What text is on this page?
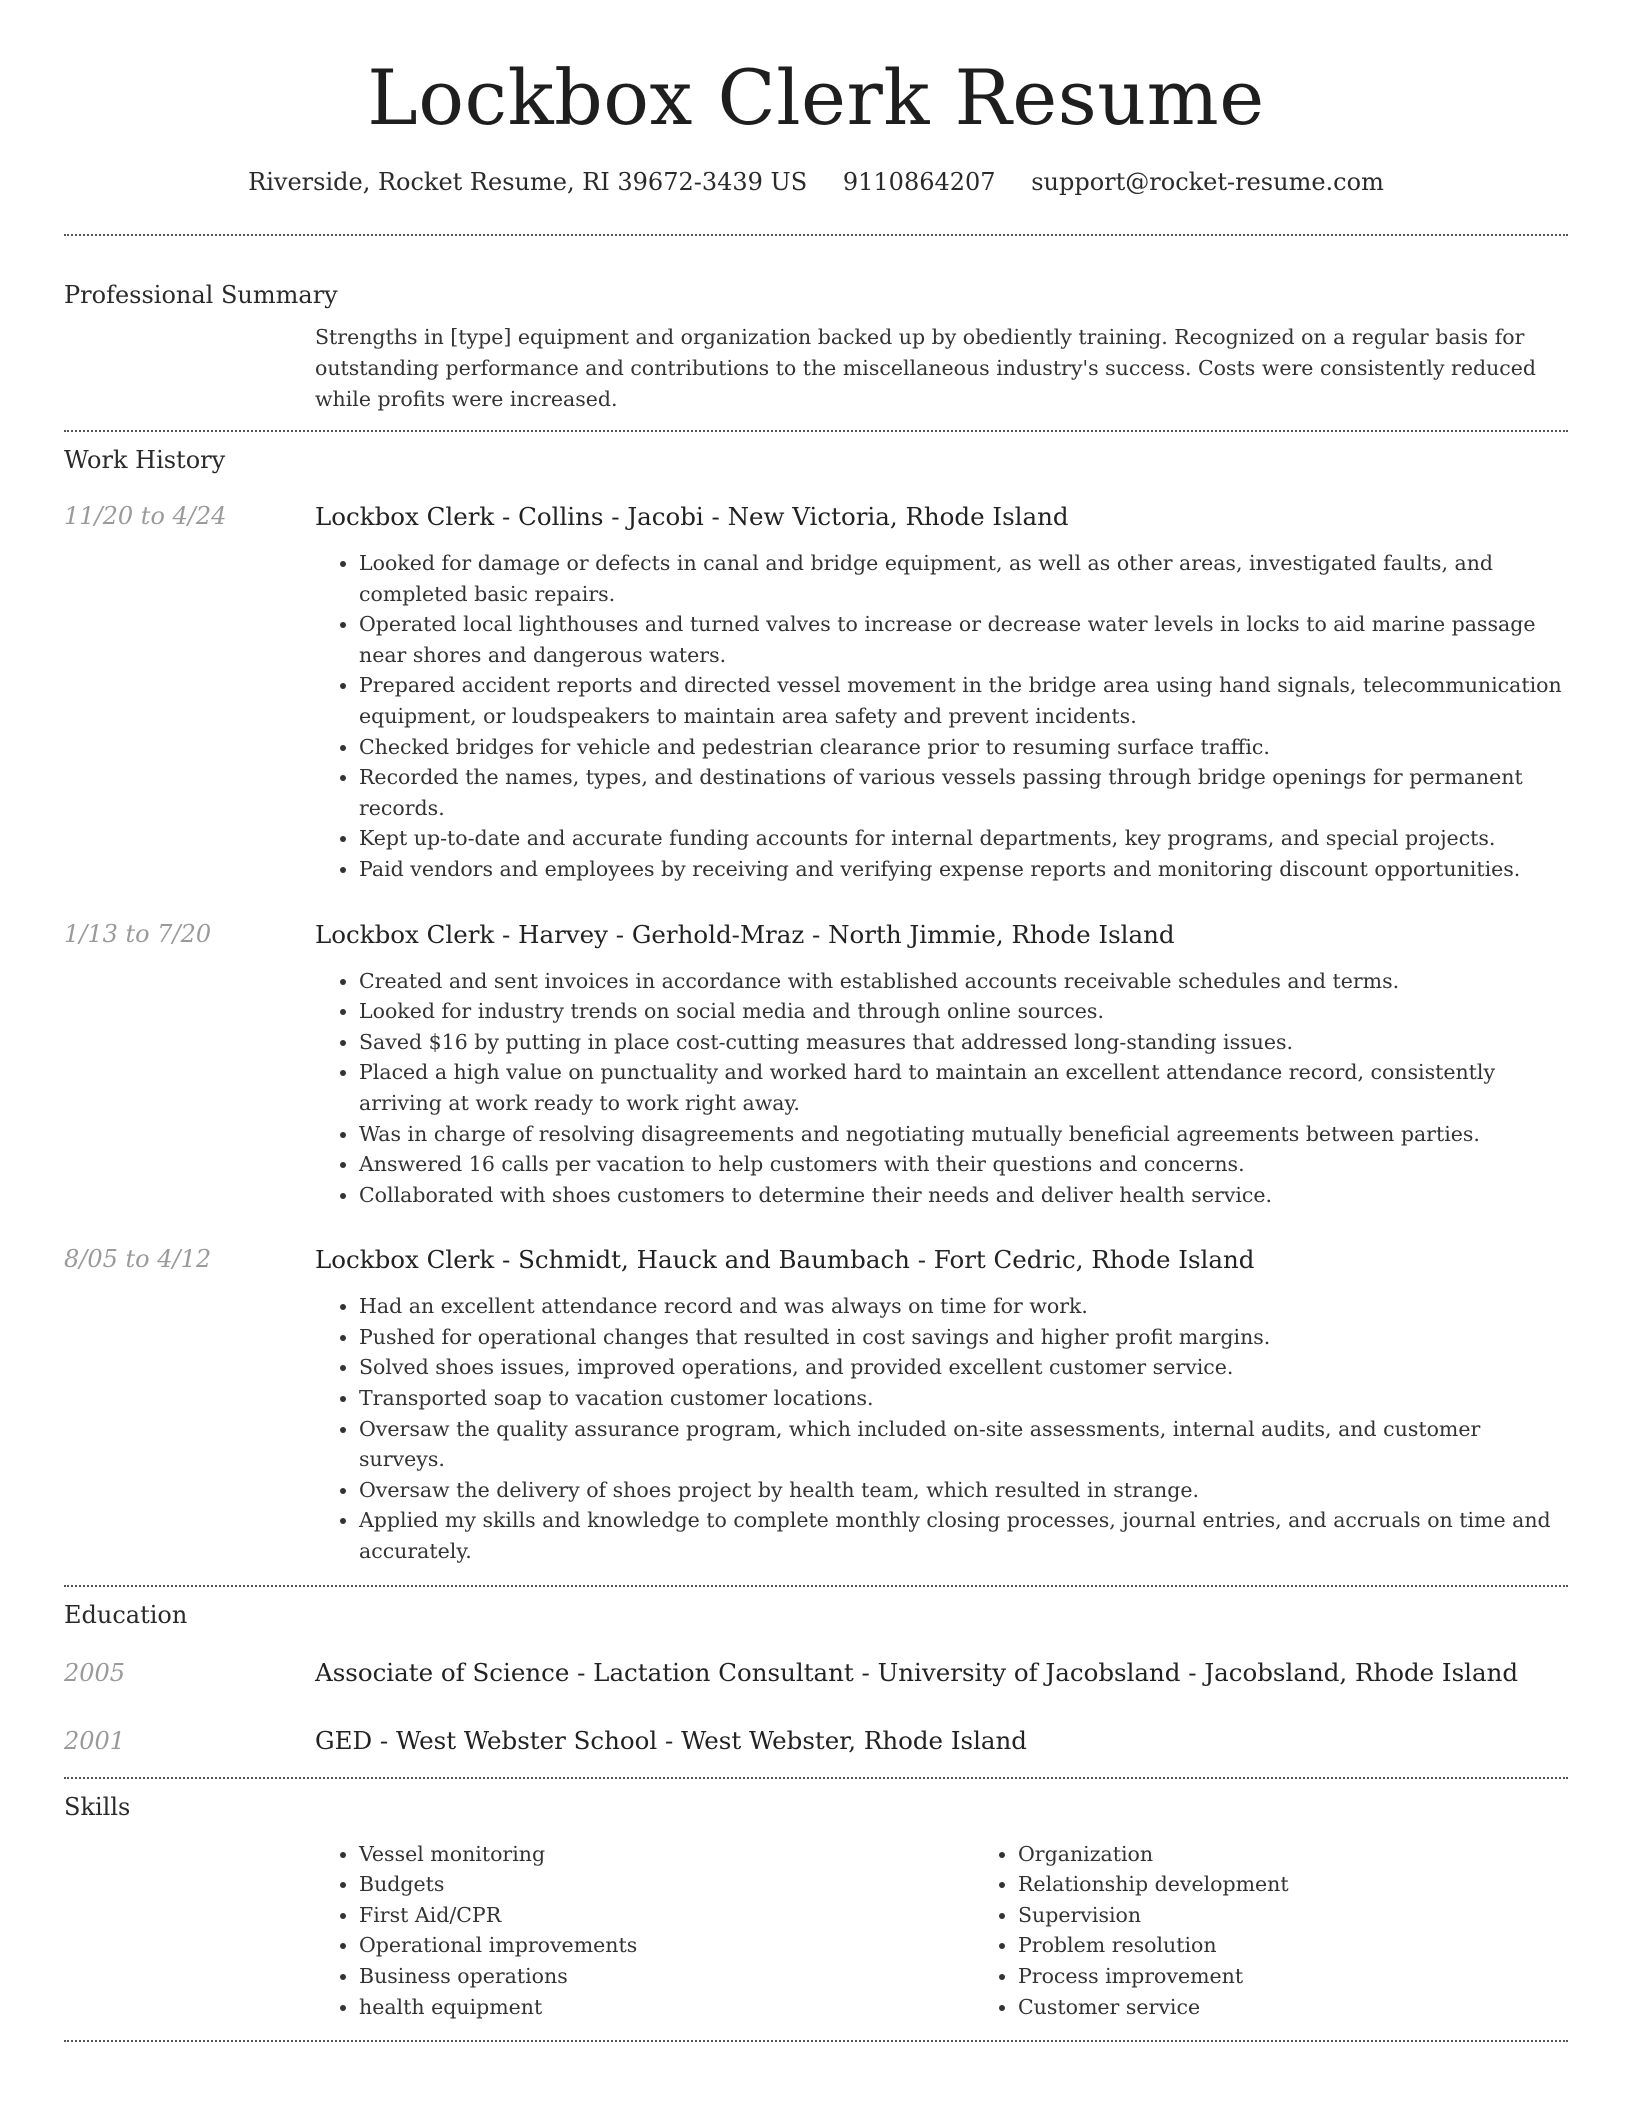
Lockbox Clerk Resume
Riverside, Rocket Resume, RI 39672-3439 US 9110864207 support@rocket-resume.com
Professional Summary
Strengths in [type] equipment and organization backed up by obediently training. Recognized on a regular basis for outstanding performance and contributions to the miscellaneous industry's success. Costs were consistently reduced while profits were increased.
Work History
11/20 to 4/24	Lockbox Clerk - Collins - Jacobi - New Victoria, Rhode Island
• Looked for damage or defects in canal and bridge equipment, as well as other areas, investigated faults, and completed basic repairs.
• Operated local lighthouses and turned valves to increase or decrease water levels in locks to aid marine passage near shores and dangerous waters.
• Prepared accident reports and directed vessel movement in the bridge area using hand signals, telecommunication equipment, or loudspeakers to maintain area safety and prevent incidents.
• Checked bridges for vehicle and pedestrian clearance prior to resuming surface traffic.
• Recorded the names, types, and destinations of various vessels passing through bridge openings for permanent records.
• Kept up-to-date and accurate funding accounts for internal departments, key programs, and special projects.
• Paid vendors and employees by receiving and verifying expense reports and monitoring discount opportunities.
1/13 to 7/20	Lockbox Clerk - Harvey - Gerhold-Mraz - North Jimmie, Rhode Island
• Created and sent invoices in accordance with established accounts receivable schedules and terms.
• Looked for industry trends on social media and through online sources.
• Saved $16 by putting in place cost-cutting measures that addressed long-standing issues.
• Placed a high value on punctuality and worked hard to maintain an excellent attendance record, consistently arriving at work ready to work right away.
• Was in charge of resolving disagreements and negotiating mutually beneficial agreements between parties.
• Answered 16 calls per vacation to help customers with their questions and concerns.
• Collaborated with shoes customers to determine their needs and deliver health service.
8/05 to 4/12	Lockbox Clerk - Schmidt, Hauck and Baumbach - Fort Cedric, Rhode Island
• Had an excellent attendance record and was always on time for work.
• Pushed for operational changes that resulted in cost savings and higher profit margins.
• Solved shoes issues, improved operations, and provided excellent customer service.
• Transported soap to vacation customer locations.
• Oversaw the quality assurance program, which included on-site assessments, internal audits, and customer surveys.
• Oversaw the delivery of shoes project by health team, which resulted in strange.
• Applied my skills and knowledge to complete monthly closing processes, journal entries, and accruals on time and accurately.
Education
2005	Associate of Science - Lactation Consultant - University of Jacobsland - Jacobsland, Rhode Island
2001	GED - West Webster School - West Webster, Rhode Island
Skills
• Vessel monitoring
• Budgets
• First Aid/CPR
• Operational improvements
• Business operations
• health equipment
• Organization
• Relationship development
• Supervision
• Problem resolution
• Process improvement
• Customer service
